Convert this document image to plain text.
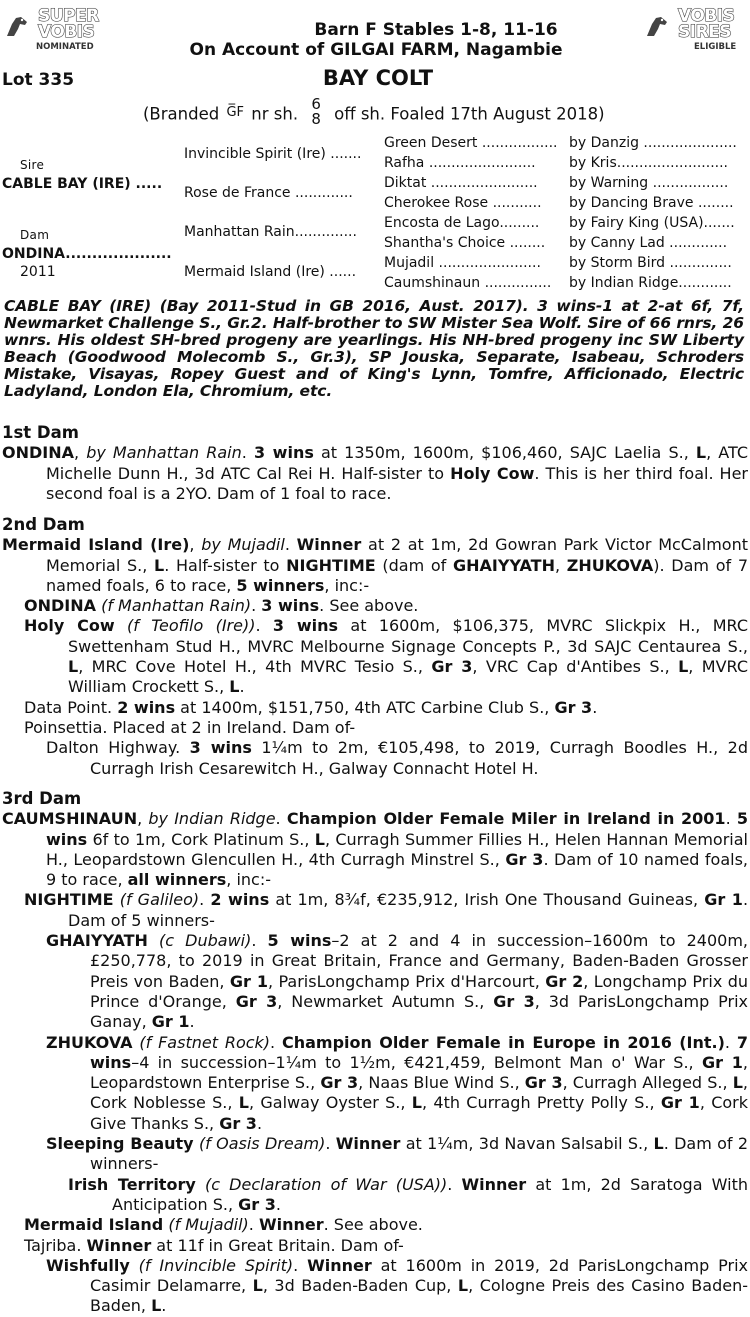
SUPER
VOBIS
NOMINATED
VOBIS
SIRES
ELIGIBLE
Barn F Stables 1-8, 11-16
On Account of GILGAI FARM, Nagambie
Lot 335	BAY COLT
(Branded $^{G̅F}$ nr sh. 6
8 off sh. Foaled 17th August 2018)
Sire
CABLE BAY (IRE) .....
Dam
ONDINA....................
2011
Invincible Spirit (Ire) .......
Rose de France .............
Manhattan Rain..............
Mermaid Island (Ire) ......
Green Desert .................
Rafha ........................
Diktat ........................
Cherokee Rose ...........
Encosta de Lago.........
Shantha's Choice ........
Mujadil .......................
Caumshinaun ...............
by Danzig .....................
by Kris.........................
by Warning .................
by Dancing Brave ........
by Fairy King (USA).......
by Canny Lad .............
by Storm Bird ..............
by Indian Ridge............
CABLE BAY (IRE) (Bay 2011-Stud in GB 2016, Aust. 2017). 3 wins-1 at 2-at 6f, 7f, Newmarket Challenge S., Gr.2. Half-brother to SW Mister Sea Wolf. Sire of 66 rnrs, 26 wnrs. His oldest SH-bred progeny are yearlings. His NH-bred progeny inc SW Liberty Beach (Goodwood Molecomb S., Gr.3), SP Jouska, Separate, Isabeau, Schroders Mistake, Visayas, Ropey Guest and of King's Lynn, Tomfre, Afficionado, Electric Ladyland, London Ela, Chromium, etc.
1st Dam
ONDINA, by Manhattan Rain. 3 wins at 1350m, 1600m, $106,460, SAJC Laelia S., L, ATC Michelle Dunn H., 3d ATC Cal Rei H. Half-sister to Holy Cow. This is her third foal. Her second foal is a 2YO. Dam of 1 foal to race.
2nd Dam
Mermaid Island (Ire), by Mujadil. Winner at 2 at 1m, 2d Gowran Park Victor McCalmont Memorial S., L. Half-sister to NIGHTIME (dam of GHAIYYATH, ZHUKOVA). Dam of 7 named foals, 6 to race, 5 winners, inc:-
ONDINA (f Manhattan Rain). 3 wins. See above.
Holy Cow (f Teofilo (Ire)). 3 wins at 1600m, $106,375, MVRC Slickpix H., MRC Swettenham Stud H., MVRC Melbourne Signage Concepts P., 3d SAJC Centaurea S., L, MRC Cove Hotel H., 4th MVRC Tesio S., Gr 3, VRC Cap d'Antibes S., L, MVRC William Crockett S., L.
Data Point. 2 wins at 1400m, $151,750, 4th ATC Carbine Club S., Gr 3.
Poinsettia. Placed at 2 in Ireland. Dam of-
Dalton Highway. 3 wins 1¼m to 2m, €105,498, to 2019, Curragh Boodles H., 2d Curragh Irish Cesarewitch H., Galway Connacht Hotel H.
3rd Dam
CAUMSHINAUN, by Indian Ridge. Champion Older Female Miler in Ireland in 2001. 5 wins 6f to 1m, Cork Platinum S., L, Curragh Summer Fillies H., Helen Hannan Memorial H., Leopardstown Glencullen H., 4th Curragh Minstrel S., Gr 3. Dam of 10 named foals, 9 to race, all winners, inc:-
NIGHTIME (f Galileo). 2 wins at 1m, 8¾f, €235,912, Irish One Thousand Guineas, Gr 1. Dam of 5 winners-
GHAIYYATH (c Dubawi). 5 wins–2 at 2 and 4 in succession–1600m to 2400m, £250,778, to 2019 in Great Britain, France and Germany, Baden-Baden Grosser Preis von Baden, Gr 1, ParisLongchamp Prix d'Harcourt, Gr 2, Longchamp Prix du Prince d'Orange, Gr 3, Newmarket Autumn S., Gr 3, 3d ParisLongchamp Prix Ganay, Gr 1.
ZHUKOVA (f Fastnet Rock). Champion Older Female in Europe in 2016 (Int.). 7 wins–4 in succession–1¼m to 1½m, €421,459, Belmont Man o' War S., Gr 1, Leopardstown Enterprise S., Gr 3, Naas Blue Wind S., Gr 3, Curragh Alleged S., L, Cork Noblesse S., L, Galway Oyster S., L, 4th Curragh Pretty Polly S., Gr 1, Cork Give Thanks S., Gr 3.
Sleeping Beauty (f Oasis Dream). Winner at 1¼m, 3d Navan Salsabil S., L. Dam of 2 winners-
Irish Territory (c Declaration of War (USA)). Winner at 1m, 2d Saratoga With Anticipation S., Gr 3.
Mermaid Island (f Mujadil). Winner. See above.
Tajriba. Winner at 11f in Great Britain. Dam of-
Wishfully (f Invincible Spirit). Winner at 1600m in 2019, 2d ParisLongchamp Prix Casimir Delamarre, L, 3d Baden-Baden Cup, L, Cologne Preis des Casino Baden-Baden, L.
